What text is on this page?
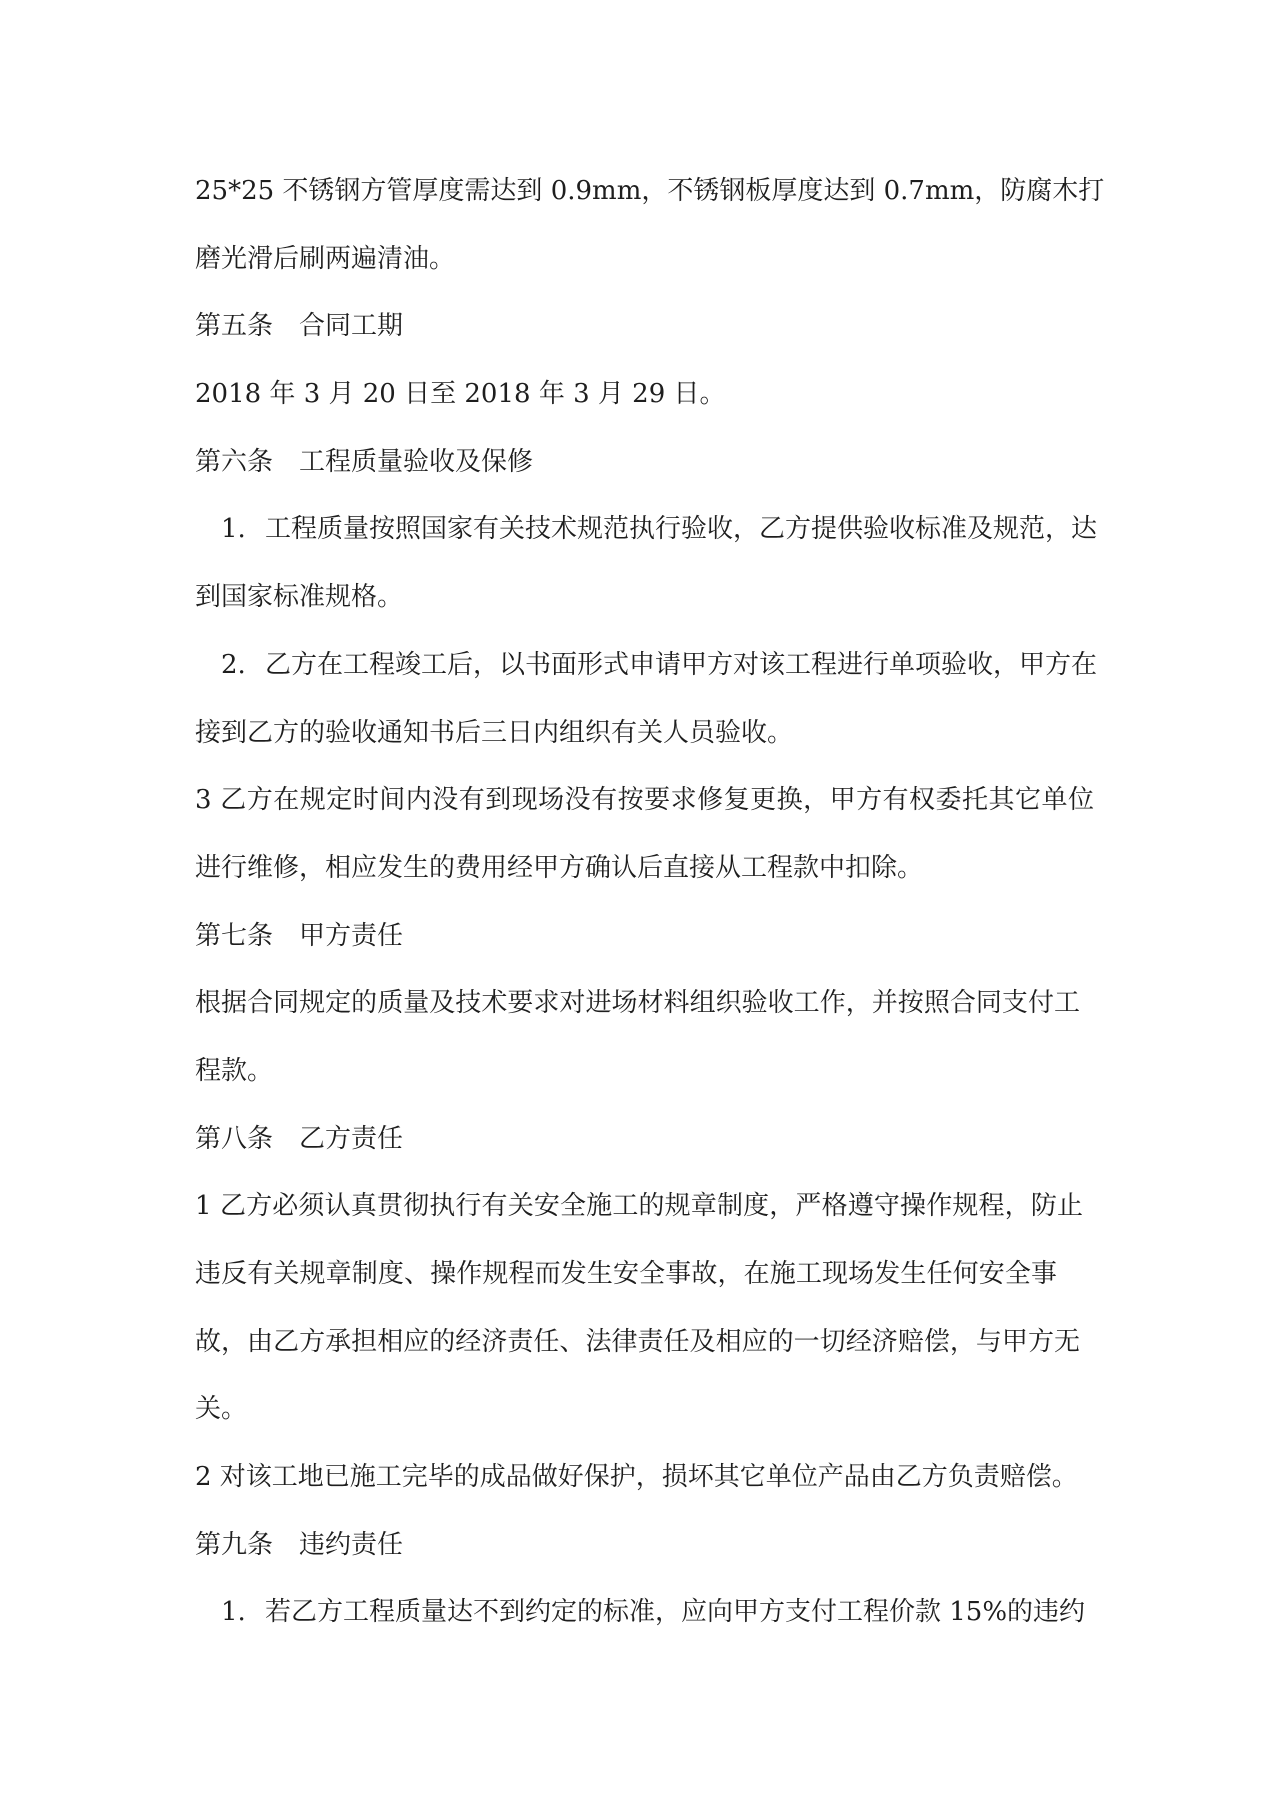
25*25 不锈钢方管厚度需达到 0.9mm，不锈钢板厚度达到 0.7mm，防腐木打
磨光滑后刷两遍清油。
第五条　合同工期
2018 年 3 月 20 日至 2018 年 3 月 29 日。
第六条　工程质量验收及保修
1. 工程质量按照国家有关技术规范执行验收，乙方提供验收标准及规范，达
到国家标准规格。
2. 乙方在工程竣工后，以书面形式申请甲方对该工程进行单项验收，甲方在
接到乙方的验收通知书后三日内组织有关人员验收。
3 乙方在规定时间内没有到现场没有按要求修复更换，甲方有权委托其它单位
进行维修，相应发生的费用经甲方确认后直接从工程款中扣除。
第七条　甲方责任
根据合同规定的质量及技术要求对进场材料组织验收工作，并按照合同支付工
程款。
第八条　乙方责任
1 乙方必须认真贯彻执行有关安全施工的规章制度，严格遵守操作规程，防止
违反有关规章制度、操作规程而发生安全事故，在施工现场发生任何安全事
故，由乙方承担相应的经济责任、法律责任及相应的一切经济赔偿，与甲方无
关。
2 对该工地已施工完毕的成品做好保护，损坏其它单位产品由乙方负责赔偿。
第九条　违约责任
1. 若乙方工程质量达不到约定的标准，应向甲方支付工程价款 15%的违约
